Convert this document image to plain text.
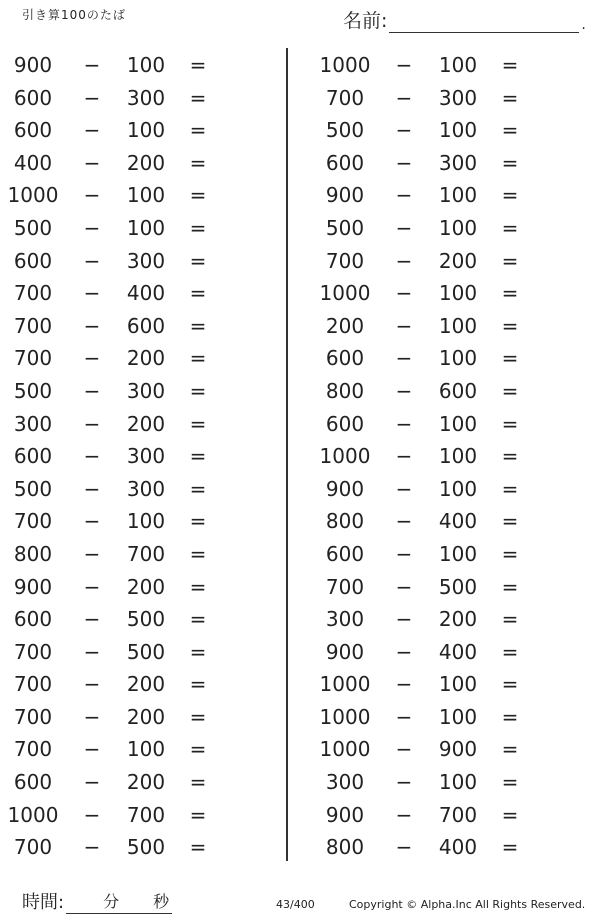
引き算100のたば	名前:	.
900	−	100	=
600	−	300	=
600	−	100	=
400	−	200	=
1000 −	100	=
500	−	100	=
600	−	300	=
700	−	400	=
700	−	600	=
700	−	200	=
500	−	300	=
300	−	200	=
600	−	300	=
500	−	300	=
700	−	100	=
800	−	700	=
900	−	200	=
600	−	500	=
700	−	500	=
700	−	200	=
700	−	200	=
700	−	100	=
600	−	200	=
1000 −	700	=
700	−	500	=
1000 −	100	=
700	−	300	=
500	−	100	=
600	−	300	=
900	−	100	=
500	−	100	=
700	−	200	=
1000 −	100	=
200	−	100	=
600	−	100	=
800	−	600	=
600	−	100	=
1000 −	100	=
900	−	100	=
800	−	400	=
600	−	100	=
700	−	500	=
300	−	200	=
900	−	400	=
1000 −	100	=
1000 −	100	=
1000 −	900	=
300	−	100	=
900	−	700	=
800	−	400	=
時間: 分 秒	43/400	Copyright © Alpha.Inc All Rights Reserved.
